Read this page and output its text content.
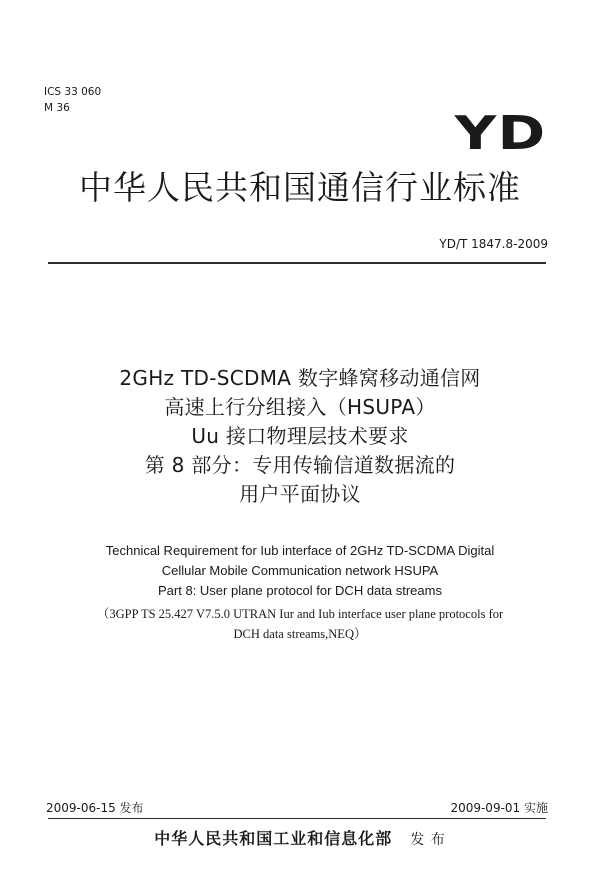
ICS 33 060
M 36	YD
中华人民共和国通信行业标准
YD/T 1847.8-2009
2GHz TD-SCDMA 数字蜂窝移动通信网
高速上行分组接入（HSUPA）
Uu 接口物理层技术要求
第 8 部分：专用传输信道数据流的
用户平面协议
Technical Requirement for Iub interface of 2GHz TD-SCDMA Digital
Cellular Mobile Communication network HSUPA
Part 8: User plane protocol for DCH data streams
（3GPP TS 25.427 V7.5.0 UTRAN Iur and Iub interface user plane protocols for
DCH data streams,NEQ）
2009-06-15 发布	2009-09-01 实施
中华人民共和国工业和信息化部 发 布
